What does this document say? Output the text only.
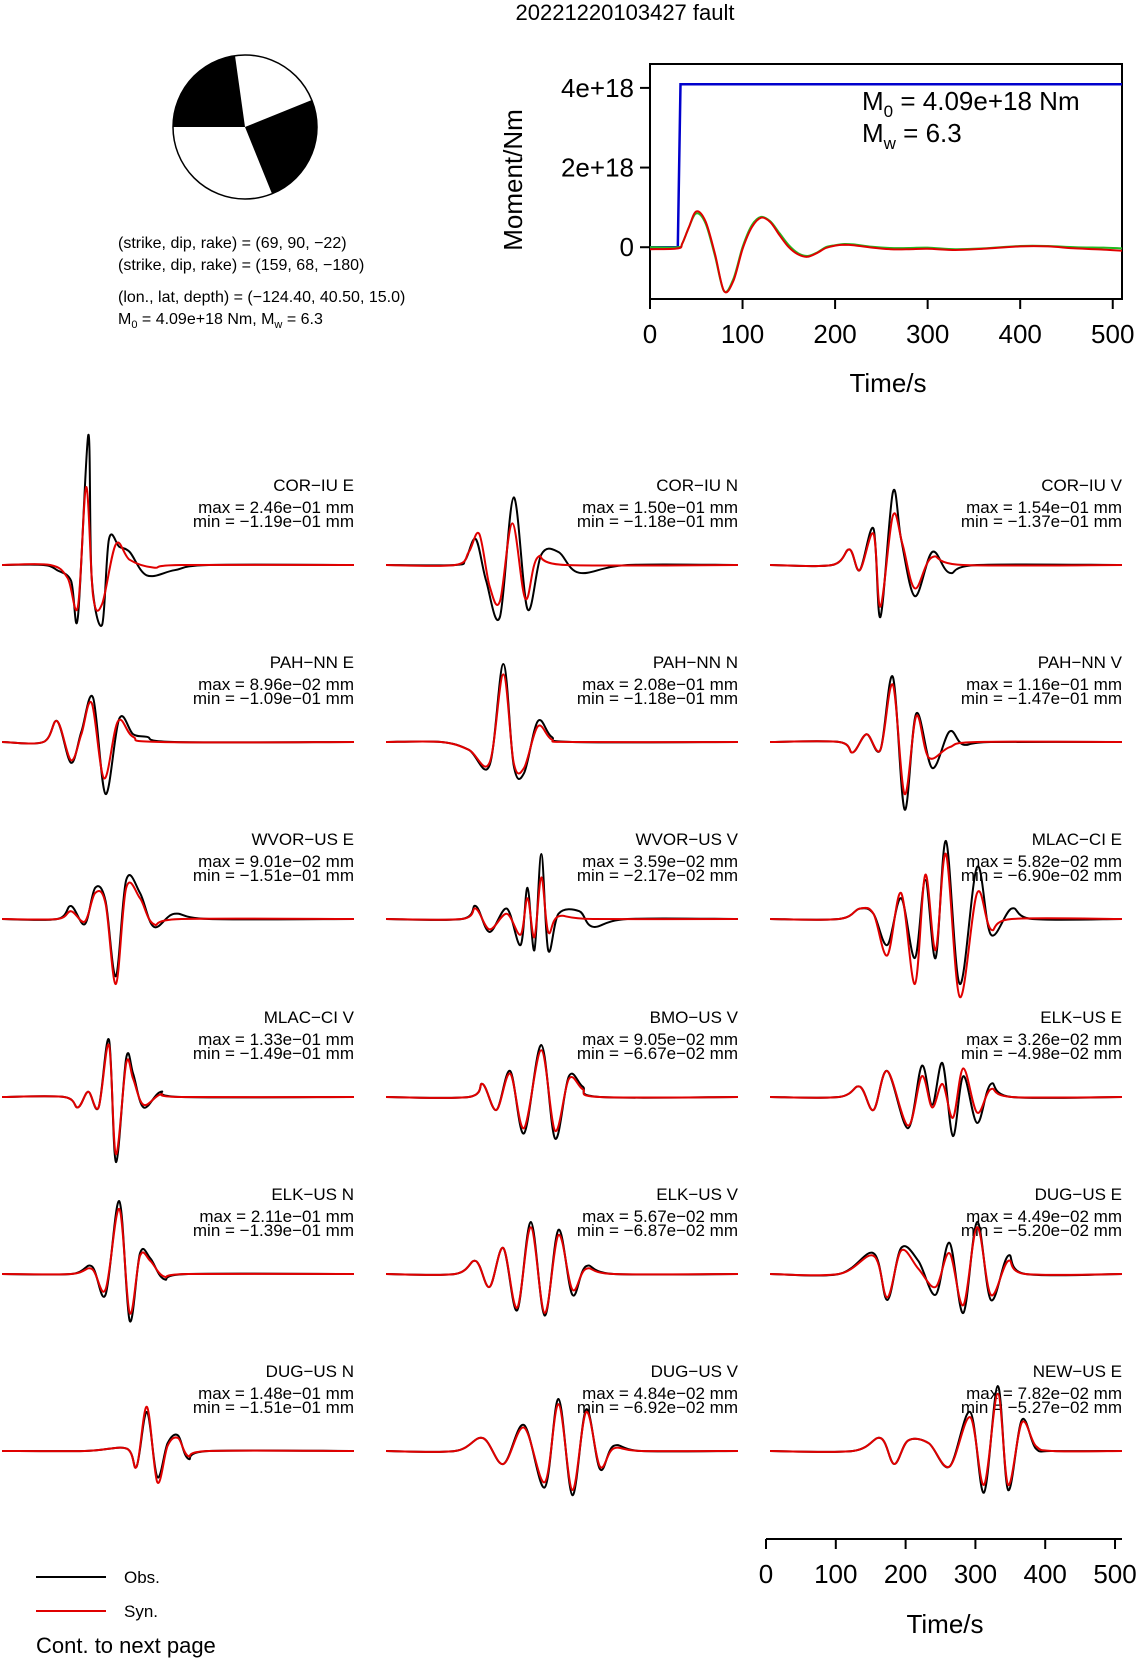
20221220103427 fault
(strike, dip, rake) = (69, 90, −22)
(strike, dip, rake) = (159, 68, −180)
(lon., lat, depth) = (−124.40, 40.50, 15.0)
$M_0 = 4.09e+18$ Nm, $M_w = 6.3$
0
2e+18
4e+18
0 100 200 300 400 500
Moment/Nm
Time/s
$M_0 = 4.09e+18$ Nm
$M_w = 6.3$
COR−IU E
max = 2.46e−01 mm
min = −1.19e−01 mm
COR−IU N
max = 1.50e−01 mm
min = −1.18e−01 mm
COR−IU V
max = 1.54e−01 mm
min = −1.37e−01 mm
PAH−NN E
max = 8.96e−02 mm
min = −1.09e−01 mm
PAH−NN N
max = 2.08e−01 mm
min = −1.18e−01 mm
PAH−NN V
max = 1.16e−01 mm
min = −1.47e−01 mm
WVOR−US E
max = 9.01e−02 mm
min = −1.51e−01 mm
WVOR−US V
max = 3.59e−02 mm
min = −2.17e−02 mm
MLAC−CI E
max = 5.82e−02 mm
min = −6.90e−02 mm
MLAC−CI V
max = 1.33e−01 mm
min = −1.49e−01 mm
BMO−US V
max = 9.05e−02 mm
min = −6.67e−02 mm
ELK−US E
max = 3.26e−02 mm
min = −4.98e−02 mm
ELK−US N
max = 2.11e−01 mm
min = −1.39e−01 mm
ELK−US V
max = 5.67e−02 mm
min = −6.87e−02 mm
DUG−US E
max = 4.49e−02 mm
min = −5.20e−02 mm
DUG−US N
max = 1.48e−01 mm
min = −1.51e−01 mm
DUG−US V
max = 4.84e−02 mm
min = −6.92e−02 mm
NEW−US E
max = 7.82e−02 mm
min = −5.27e−02 mm
0 100 200 300 400 500
Time/s
Obs.
Syn.
Cont. to next page
